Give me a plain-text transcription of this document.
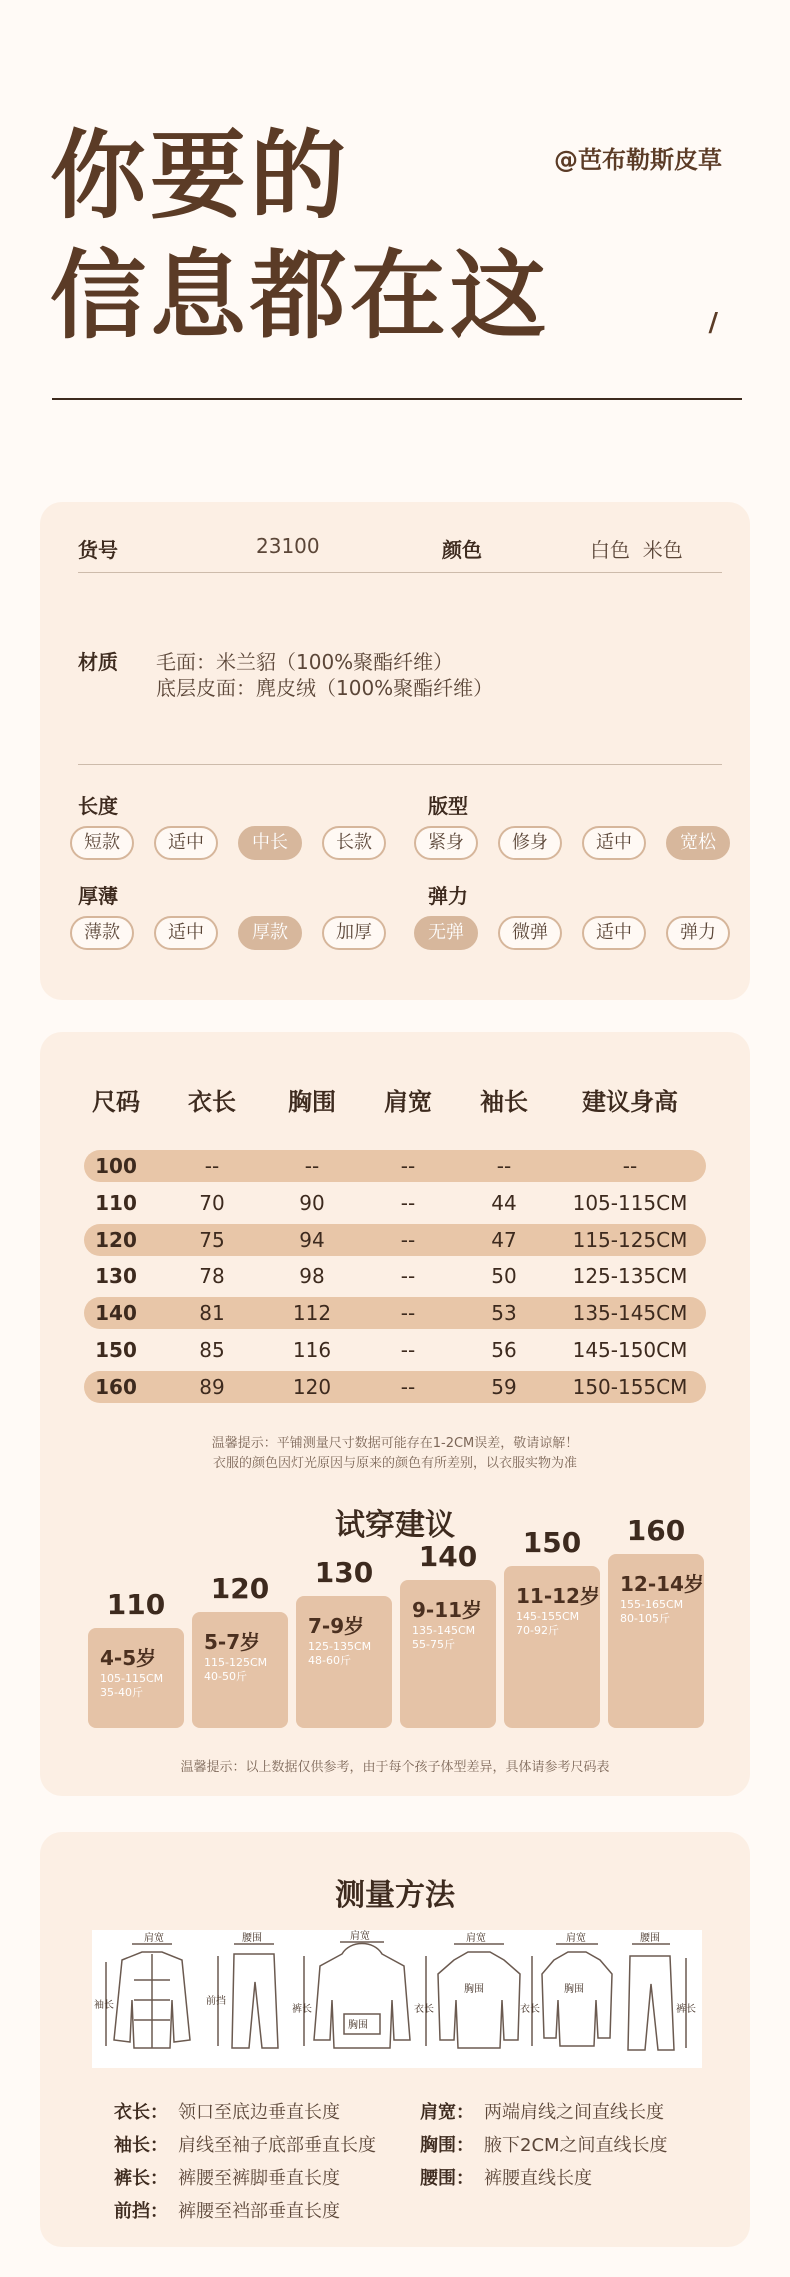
你要的
信息都在这
@芭布勒斯皮草
/
货号	23100	颜色	白色  米色
材质 毛面：米兰貂（100%聚酯纤维）
底层皮面：麂皮绒（100%聚酯纤维）
长度	版型
短款	适中	中长	长款	紧身	修身	适中	宽松
厚薄	弹力
薄款	适中	厚款	加厚	无弹	微弹	适中	弹力
尺码	衣长	胸围	肩宽	袖长	建议身高
100	--	--	--	--	--
110	70	90	--	44	105-115CM
120	75	94	--	47	115-125CM
130	78	98	--	50	125-135CM
140	81	112	--	53	135-145CM
150	85	116	--	56	145-150CM
160	89	120	--	59	150-155CM
温馨提示：平铺测量尺寸数据可能存在1-2CM误差，敬请谅解！
衣服的颜色因灯光原因与原来的颜色有所差别，以衣服实物为准
试穿建议
110
4-5岁
105-115CM
35-40斤
120
5-7岁
115-125CM
40-50斤
130
7-9岁
125-135CM
48-60斤
140
9-11岁
135-145CM
55-75斤
150
11-12岁
145-155CM
70-92斤
160
12-14岁
155-165CM
80-105斤
温馨提示：以上数据仅供参考，由于每个孩子体型差异，具体请参考尺码表
测量方法
肩宽	腰围	肩宽	肩宽	肩宽	腰围
胸围
胸围	胸围
袖长	前挡
裤长	衣长	衣长	裤长
衣长： 领口至底边垂直长度
袖长： 肩线至袖子底部垂直长度
裤长： 裤腰至裤脚垂直长度
前挡： 裤腰至裆部垂直长度
肩宽： 两端肩线之间直线长度
胸围： 腋下2CM之间直线长度
腰围： 裤腰直线长度
